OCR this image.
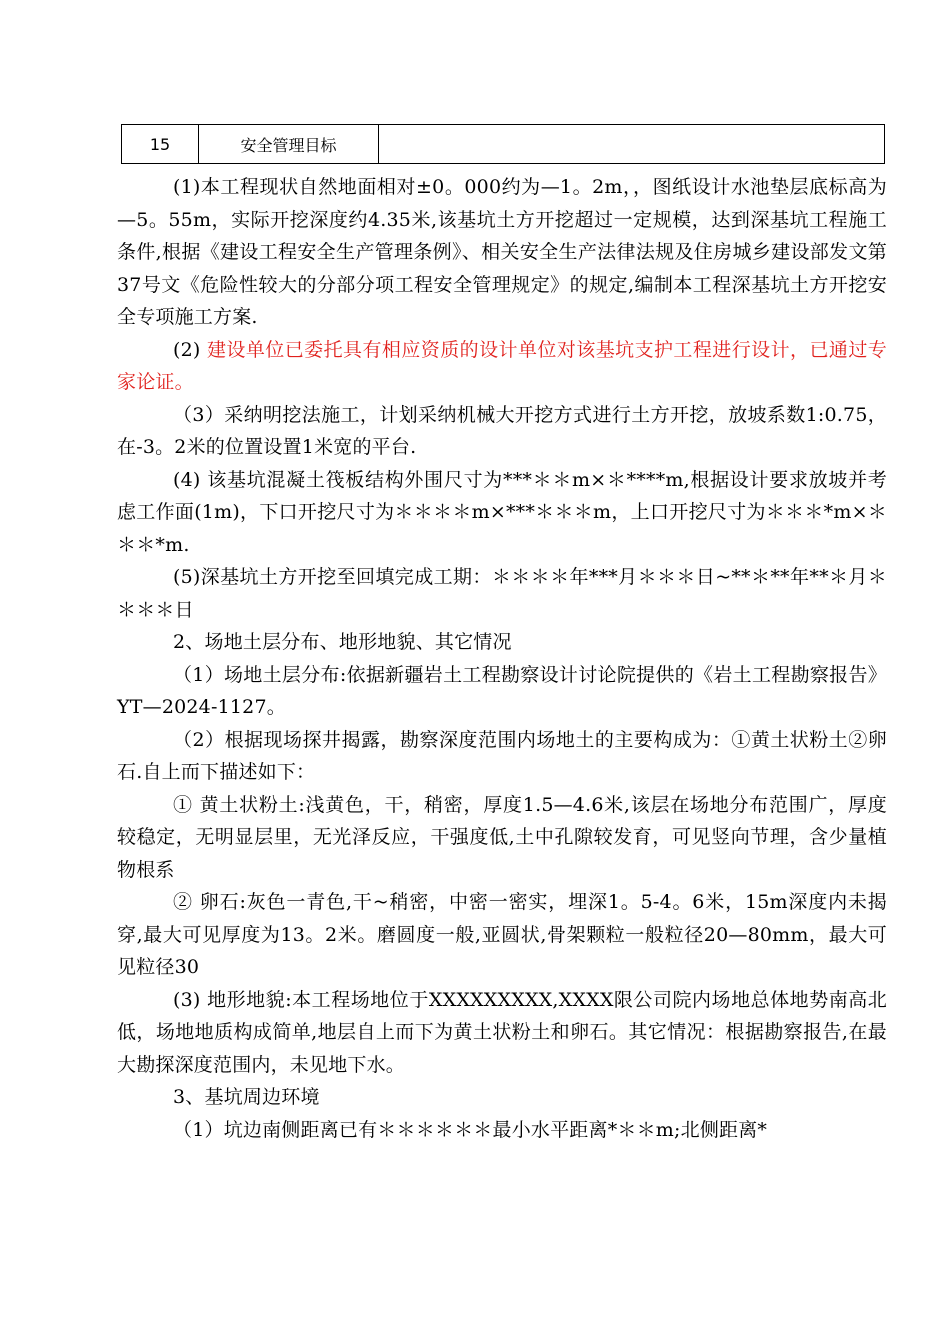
15	安全管理目标

(1)本工程现状自然地面相对±0。000约为—1。2m，，图纸设计水池垫层底标高为—5。55m，实际开挖深度约4.35米,该基坑土方开挖超过一定规模，达到深基坑工程施工条件,根据《建设工程安全生产管理条例》、相关安全生产法律法规及住房城乡建设部发文第37号文《危险性较大的分部分项工程安全管理规定》的规定,编制本工程深基坑土方开挖安全专项施工方案.

(2) 建设单位已委托具有相应资质的设计单位对该基坑支护工程进行设计，已通过专家论证。

（3）采纳明挖法施工，计划采纳机械大开挖方式进行土方开挖，放坡系数1:0.75，在-3。2米的位置设置1米宽的平台.

(4) 该基坑混凝土筏板结构外围尺寸为***＊＊m×＊****m,根据设计要求放坡并考虑工作面(1m)，下口开挖尺寸为＊＊＊＊m×***＊＊＊m，上口开挖尺寸为＊＊＊*m×＊＊＊*m.

(5)深基坑土方开挖至回填完成工期：＊＊＊＊年***月＊＊＊日~**＊**年**＊月＊＊＊＊日

2、场地土层分布、地形地貌、其它情况

（1）场地土层分布:依据新疆岩土工程勘察设计讨论院提供的《岩土工程勘察报告》YT—2024-1127。

（2）根据现场探井揭露，勘察深度范围内场地土的主要构成为：①黄土状粉土②卵石.自上而下描述如下：

① 黄土状粉土:浅黄色，干，稍密，厚度1.5—4.6米,该层在场地分布范围广，厚度较稳定，无明显层里，无光泽反应，干强度低,土中孔隙较发育，可见竖向节理，含少量植物根系

② 卵石:灰色一青色,干~稍密，中密一密实，埋深1。5-4。6米，15m深度内未揭穿,最大可见厚度为13。2米。磨圆度一般,亚圆状,骨架颗粒一般粒径20—80mm，最大可见粒径30

(3) 地形地貌:本工程场地位于XXXXXXXXX,XXXX限公司院内场地总体地势南高北低，场地地质构成简单,地层自上而下为黄土状粉土和卵石。其它情况：根据勘察报告,在最大勘探深度范围内，未见地下水。

3、基坑周边环境

（1）坑边南侧距离已有＊＊＊＊＊＊最小水平距离*＊＊m;北侧距离*
